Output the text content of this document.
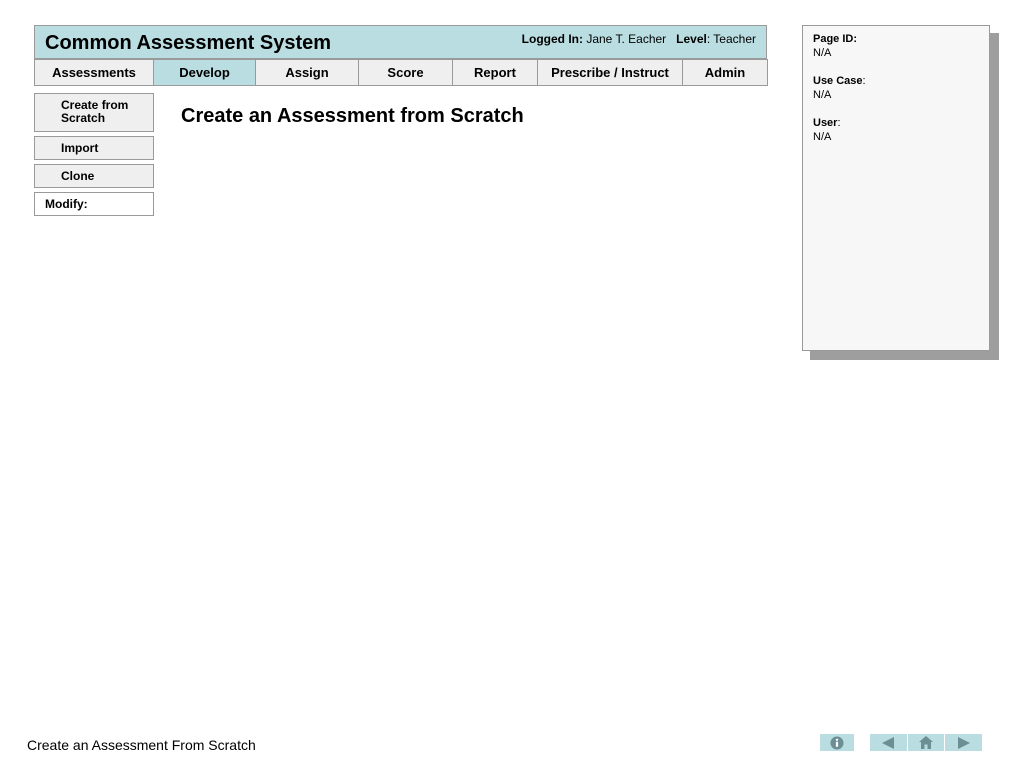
Common Assessment System	Logged In: Jane T. Eacher Level: Teacher
Assessments	Develop	Assign	Score	Report	Prescribe / Instruct	Admin
Create from Scratch
Import
Clone
Modify:
Create an Assessment from Scratch
Page ID:
N/A
Use Case:
N/A
User:
N/A
Create an Assessment From Scratch
